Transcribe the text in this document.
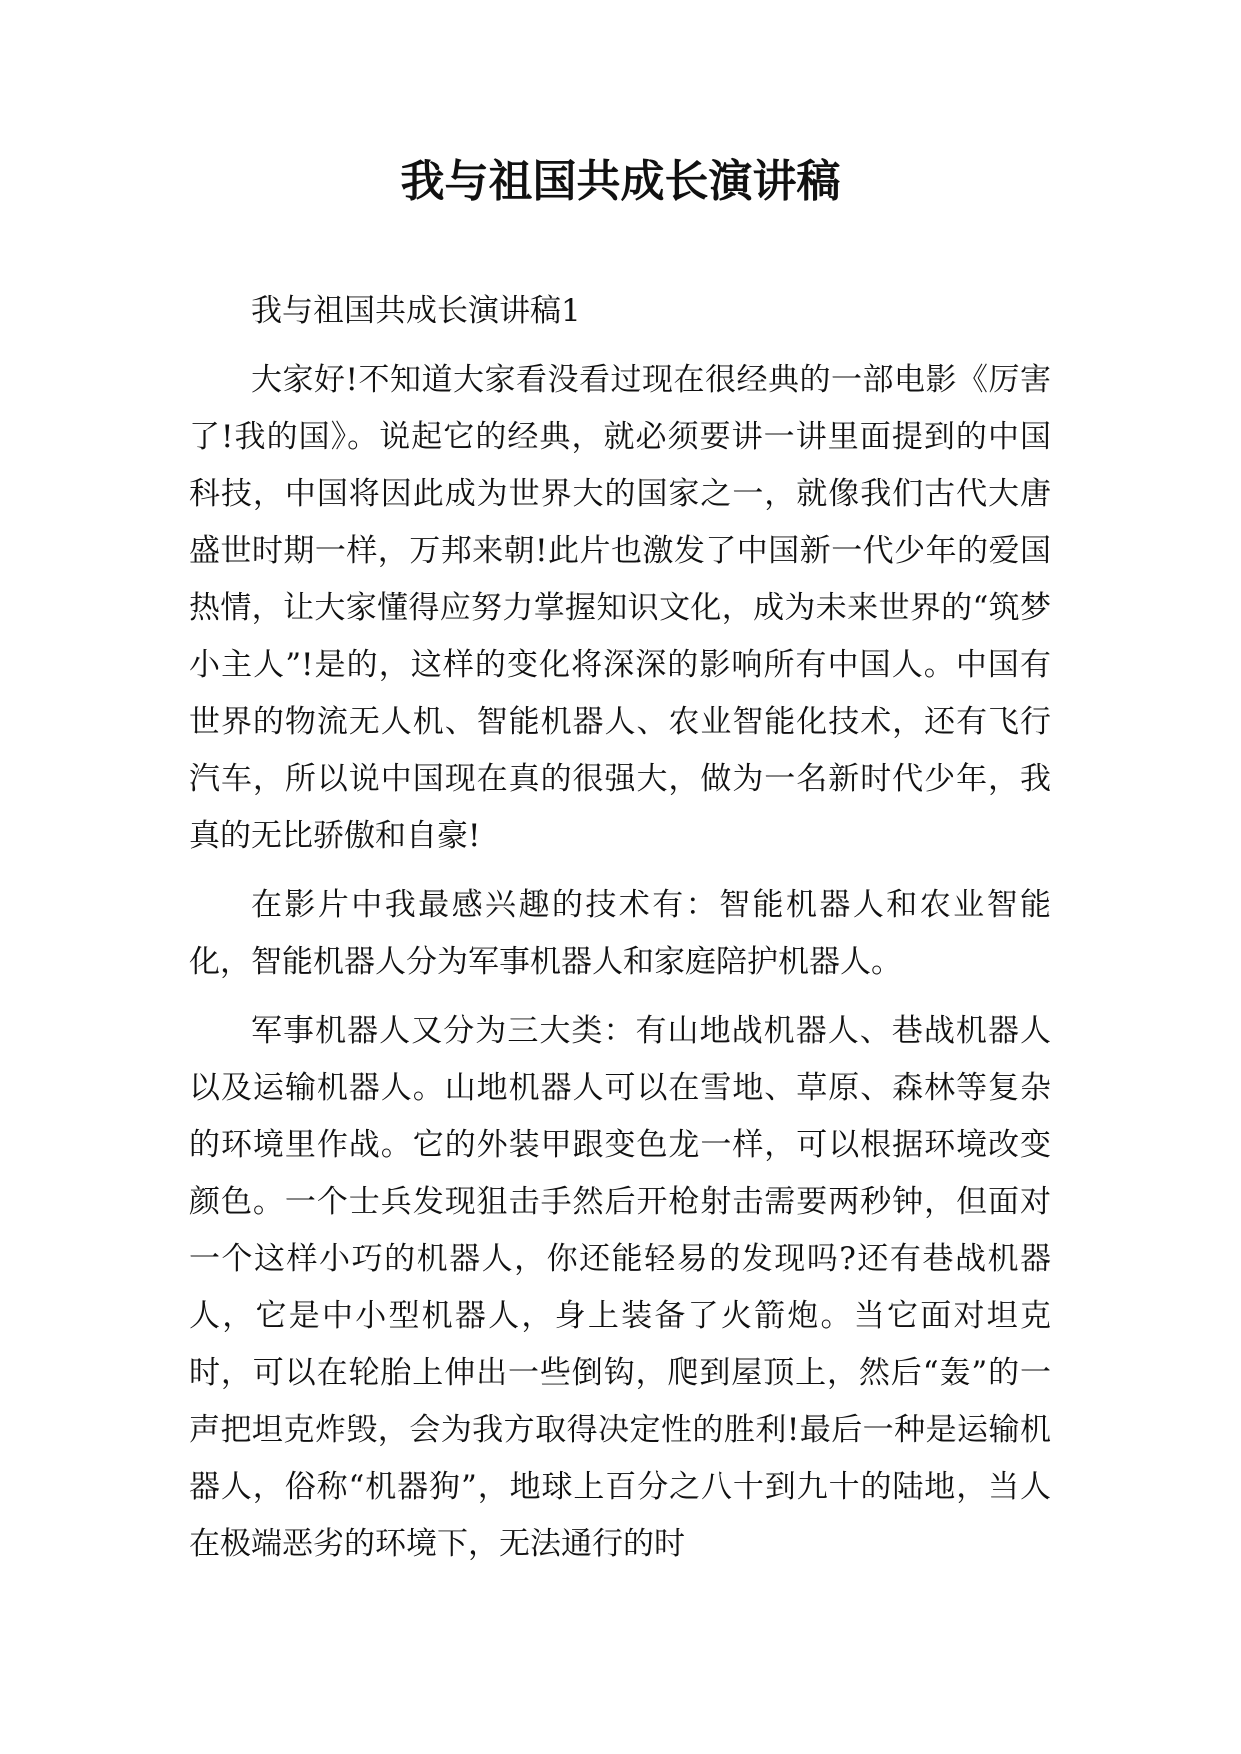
我与祖国共成长演讲稿

我与祖国共成长演讲稿1

大家好!不知道大家看没看过现在很经典的一部电影《厉害了!我的国》。说起它的经典，就必须要讲一讲里面提到的中国科技，中国将因此成为世界大的国家之一，就像我们古代大唐盛世时期一样，万邦来朝!此片也激发了中国新一代少年的爱国热情，让大家懂得应努力掌握知识文化，成为未来世界的“筑梦小主人”!是的，这样的变化将深深的影响所有中国人。中国有世界的物流无人机、智能机器人、农业智能化技术，还有飞行汽车，所以说中国现在真的很强大，做为一名新时代少年，我真的无比骄傲和自豪!

在影片中我最感兴趣的技术有：智能机器人和农业智能化，智能机器人分为军事机器人和家庭陪护机器人。

军事机器人又分为三大类：有山地战机器人、巷战机器人以及运输机器人。山地机器人可以在雪地、草原、森林等复杂的环境里作战。它的外装甲跟变色龙一样，可以根据环境改变颜色。一个士兵发现狙击手然后开枪射击需要两秒钟，但面对一个这样小巧的机器人，你还能轻易的发现吗?还有巷战机器人，它是中小型机器人，身上装备了火箭炮。当它面对坦克时，可以在轮胎上伸出一些倒钩，爬到屋顶上，然后“轰”的一声把坦克炸毁，会为我方取得决定性的胜利!最后一种是运输机器人，俗称“机器狗”，地球上百分之八十到九十的陆地，当人在极端恶劣的环境下，无法通行的时
